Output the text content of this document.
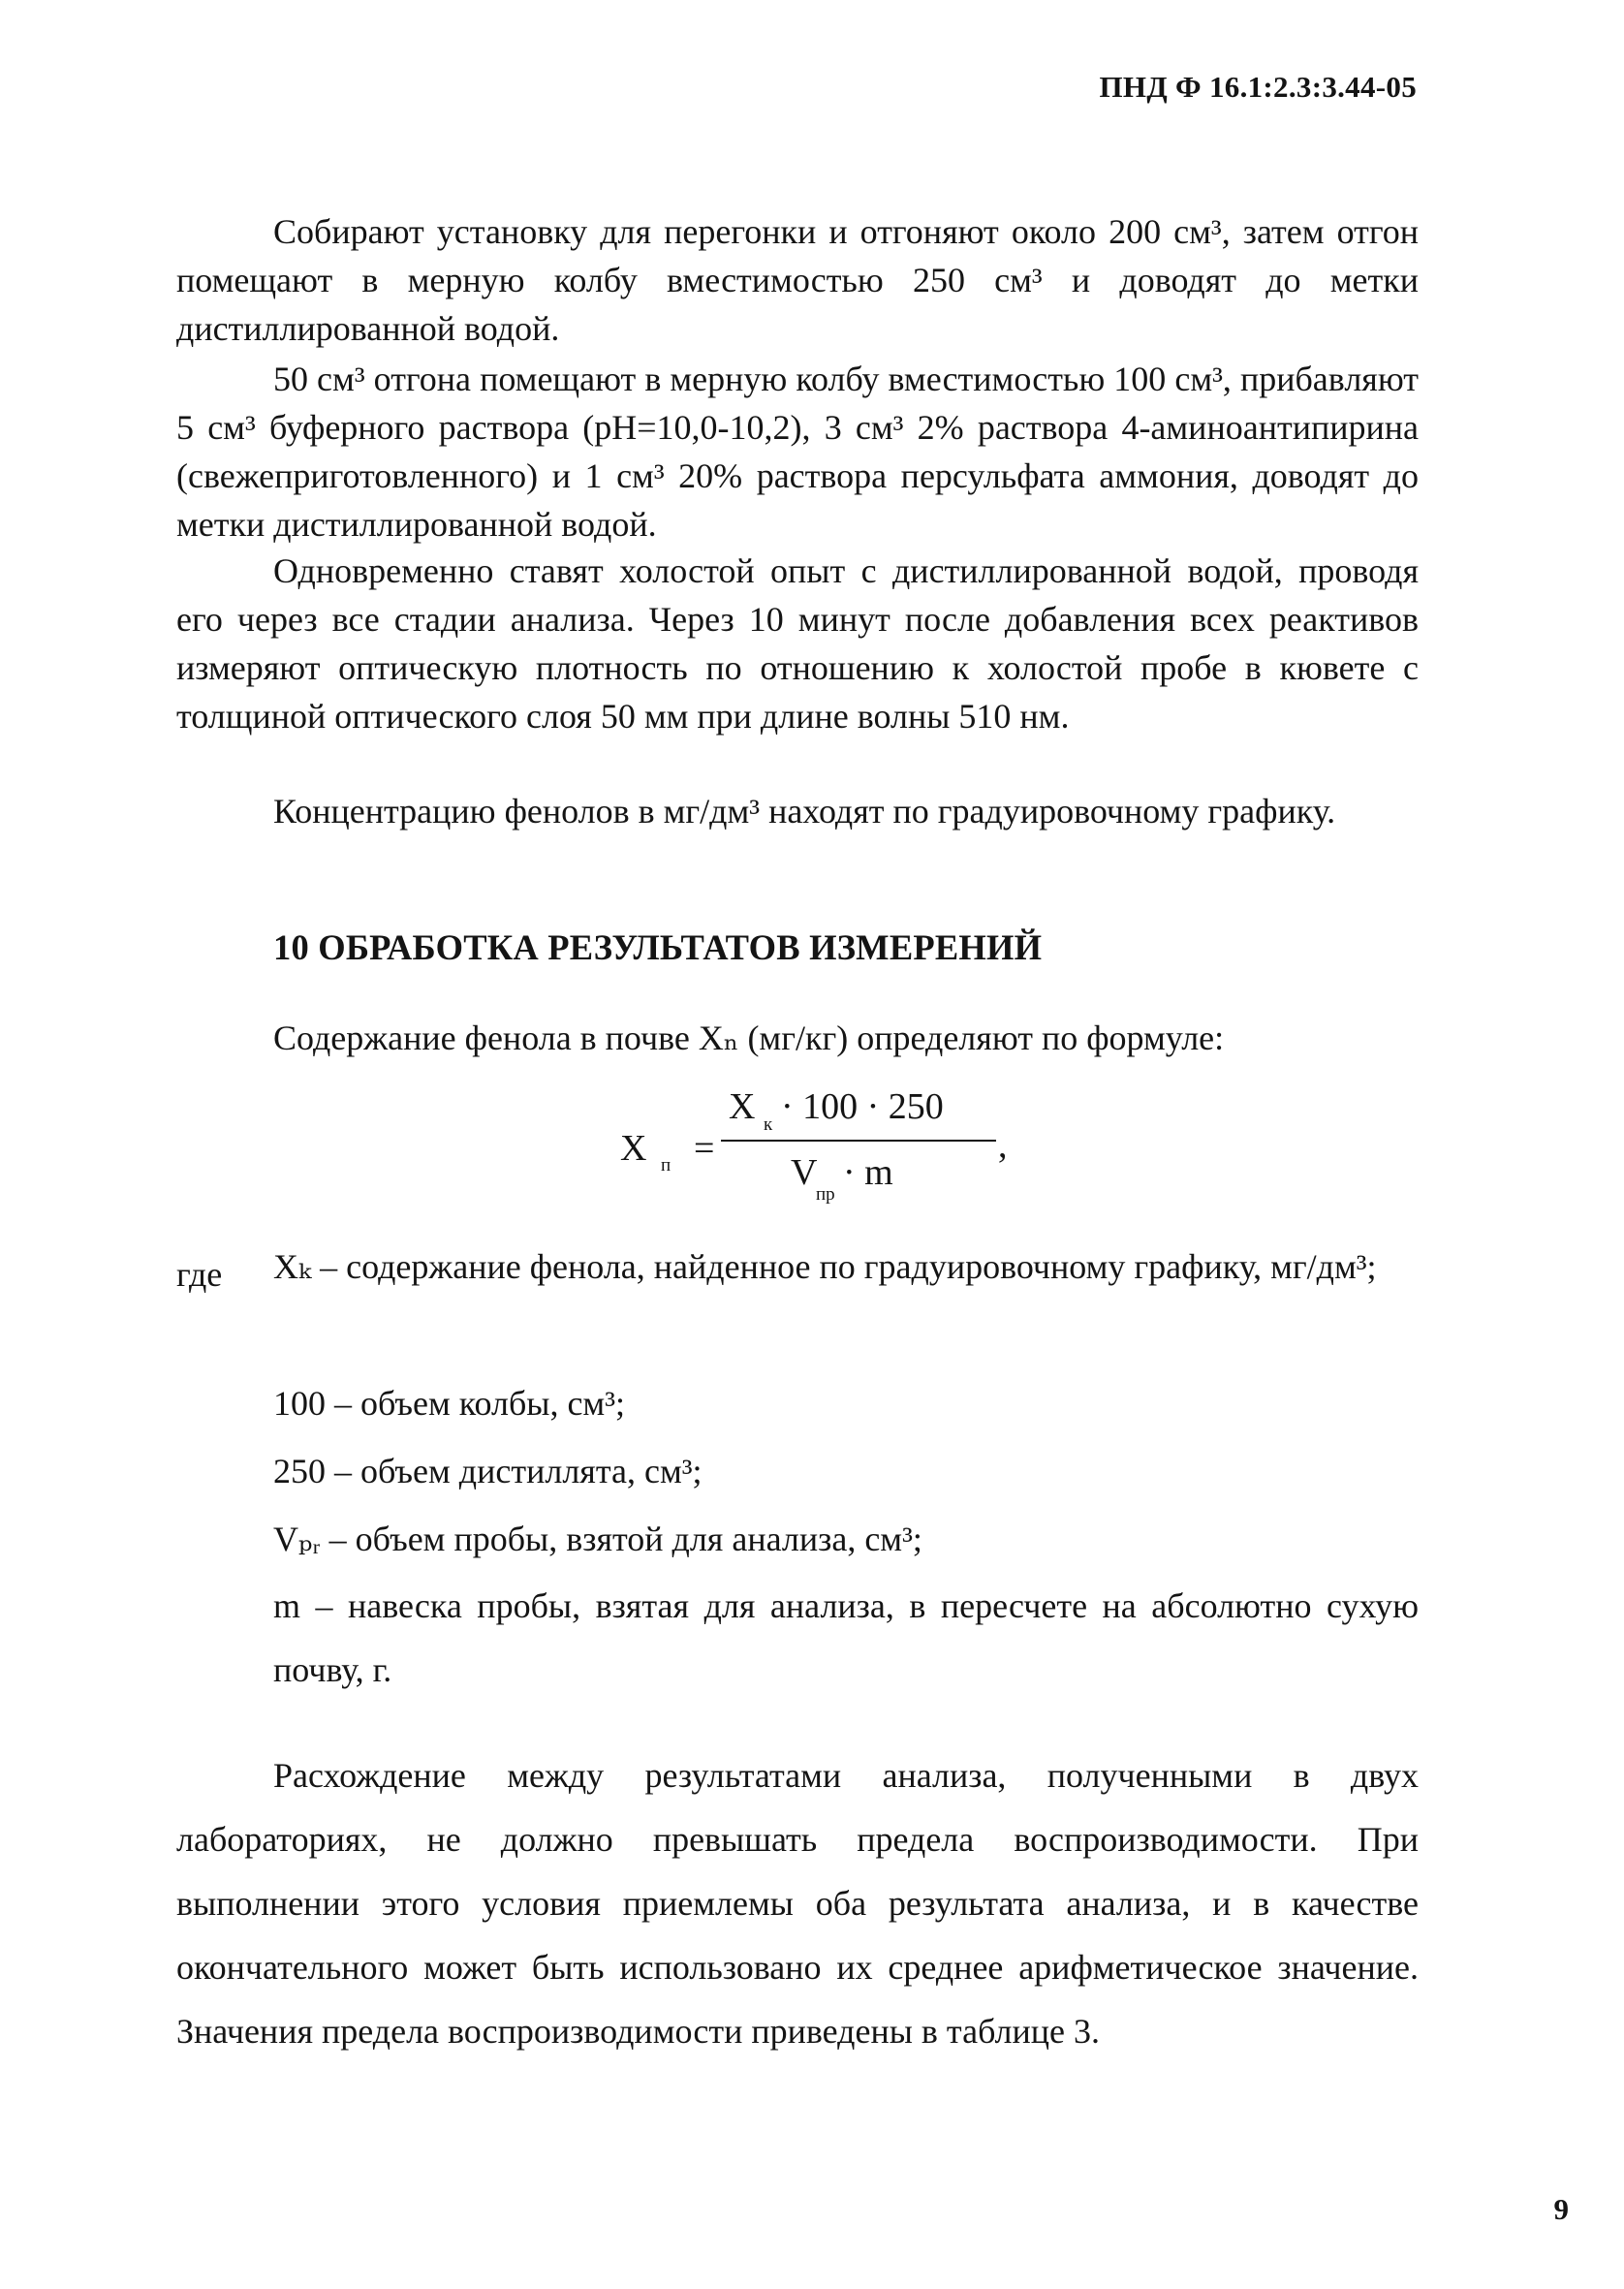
ПНД Ф 16.1:2.3:3.44-05

Собирают установку для перегонки и отгоняют около 200 см³, затем отгон помещают в мерную колбу вместимостью 250 см³ и доводят до метки дистиллированной водой.

50 см³ отгона помещают в мерную колбу вместимостью 100 см³, прибавляют 5 см³ буферного раствора (рН=10,0-10,2), 3 см³ 2% раствора 4-аминоантипирина (свежеприготовленного) и 1 см³ 20% раствора персульфата аммония, доводят до метки дистиллированной водой.

Одновременно ставят холостой опыт с дистиллированной водой, проводя его через все стадии анализа. Через 10 минут после добавления всех реактивов измеряют оптическую плотность по отношению к холостой пробе в кювете с толщиной оптического слоя 50 мм при длине волны 510 нм.

Концентрацию фенолов в мг/дм³ находят по градуировочному графику.

10 ОБРАБОТКА РЕЗУЛЬТАТОВ ИЗМЕРЕНИЙ

Содержание фенола в почве Xₙ (мг/кг) определяют по формуле:

X п =
X к · 100 · 250
,
V
пр
· m

где Xₖ – содержание фенола, найденное по градуировочному графику, мг/дм³;

100 – объем колбы, см³;

250 – объем дистиллята, см³;

Vₚᵣ – объем пробы, взятой для анализа, см³;

m – навеска пробы, взятая для анализа, в пересчете на абсолютно сухую почву, г.

Расхождение между результатами анализа, полученными в двух лабораториях, не должно превышать предела воспроизводимости. При выполнении этого условия приемлемы оба результата анализа, и в качестве окончательного может быть использовано их среднее арифметическое значение. Значения предела воспроизводимости приведены в таблице 3.

9
